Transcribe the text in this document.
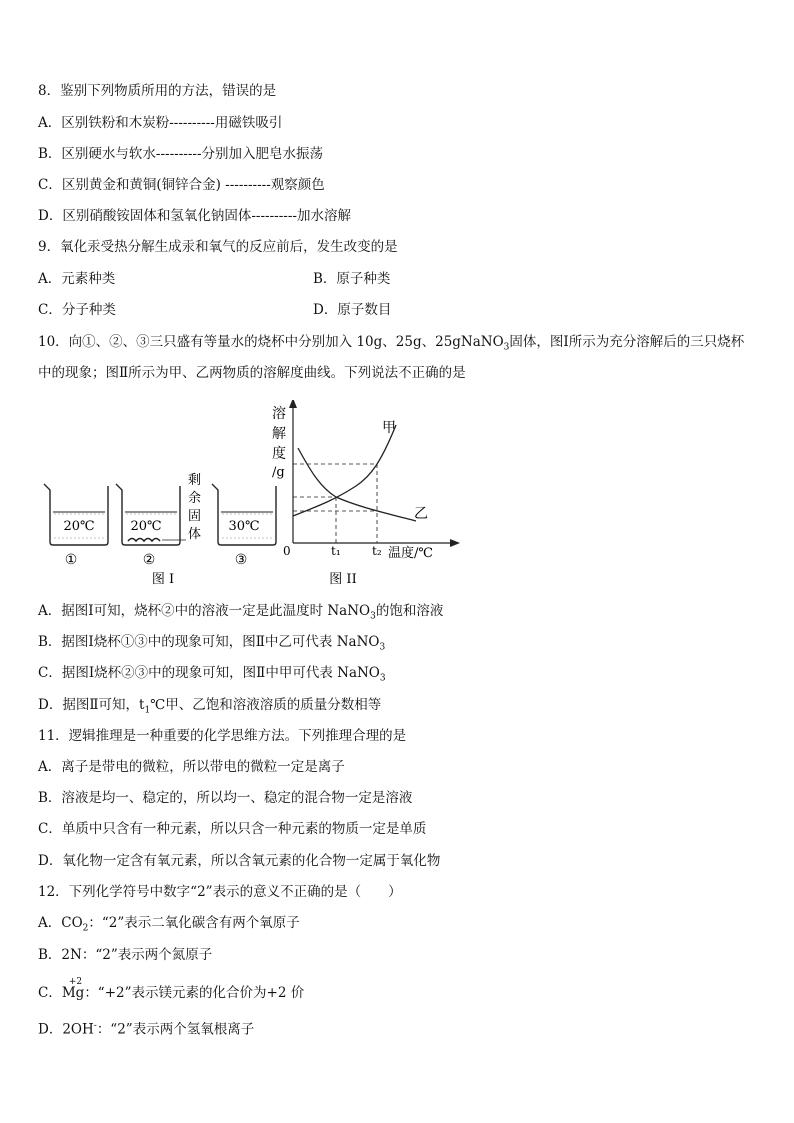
8．鉴别下列物质所用的方法，错误的是
A．区别铁粉和木炭粉----------用磁铁吸引
B．区别硬水与软水----------分别加入肥皂水振荡
C．区别黄金和黄铜(铜锌合金) ----------观察颜色
D．区别硝酸铵固体和氢氧化钠固体----------加水溶解
9．氧化汞受热分解生成汞和氧气的反应前后，发生改变的是
A．元素种类	B．原子种类
C．分子种类	D．原子数目
10．向①、②、③三只盛有等量水的烧杯中分别加入 10g、25g、25gNaNO$_3$固体，图Ⅰ所示为充分溶解后的三只烧杯
中的现象；图Ⅱ所示为甲、乙两物质的溶解度曲线。下列说法不正确的是
20℃
①
20℃
②
剩
余
固
体
30℃
③
图 I
溶
解
度
/g
0	t₁	t₂ 温度/℃
甲
乙
图 II
A．据图Ⅰ可知，烧杯②中的溶液一定是此温度时 NaNO$_3$的饱和溶液
B．据图Ⅰ烧杯①③中的现象可知，图Ⅱ中乙可代表 NaNO$_3$
C．据图Ⅰ烧杯②③中的现象可知，图Ⅱ中甲可代表 NaNO$_3$
D．据图Ⅱ可知，$t_1℃$甲、乙饱和溶液溶质的质量分数相等
11．逻辑推理是一种重要的化学思维方法。下列推理合理的是
A．离子是带电的微粒，所以带电的微粒一定是离子
B．溶液是均一、稳定的，所以均一、稳定的混合物一定是溶液
C．单质中只含有一种元素，所以只含一种元素的物质一定是单质
D．氧化物一定含有氧元素，所以含氧元素的化合物一定属于氧化物
12．下列化学符号中数字“2”表示的意义不正确的是（　　）
A．$CO_2$：“2”表示二氧化碳含有两个氧原子
B．2N：“2”表示两个氮原子
C．
+2
Mg：“+2”表示镁元素的化合价为+2 价
D．2OH-：“2”表示两个氢氧根离子
